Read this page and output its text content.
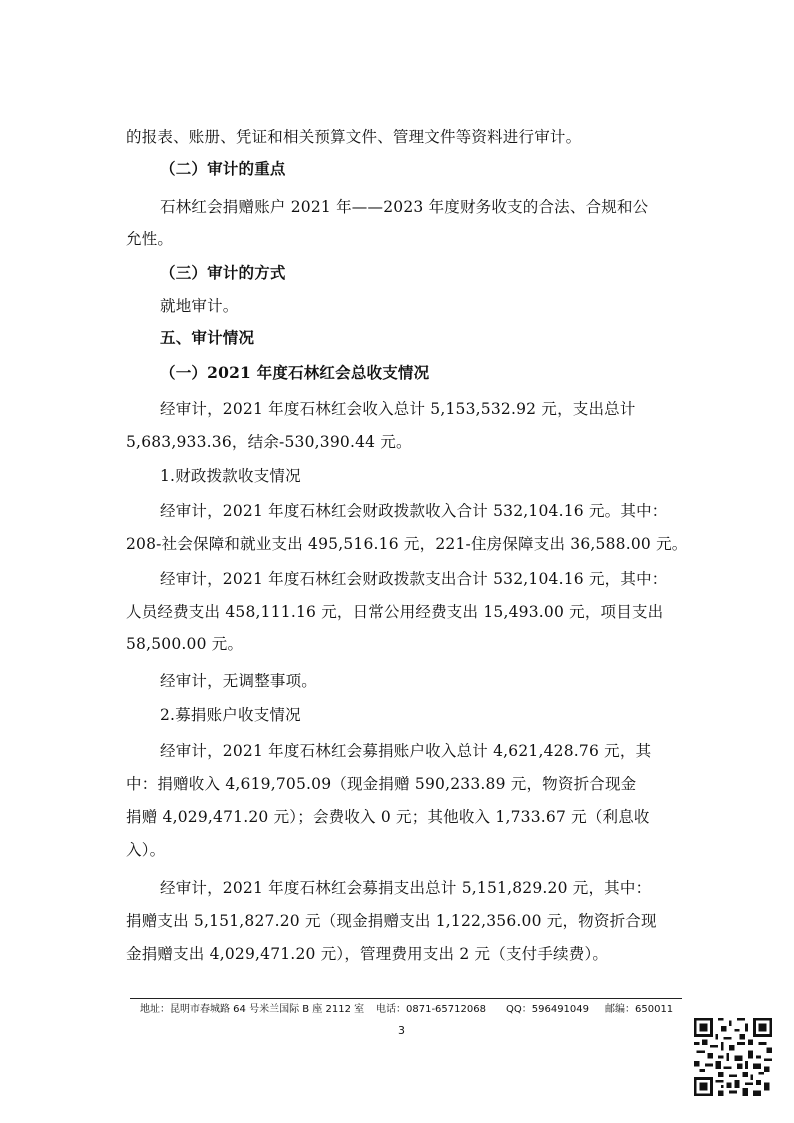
的报表、账册、凭证和相关预算文件、管理文件等资料进行审计。
（二）审计的重点
石林红会捐赠账户 2021 年——2023 年度财务收支的合法、合规和公
允性。
（三）审计的方式
就地审计。
五、审计情况
（一）2021 年度石林红会总收支情况
经审计，2021 年度石林红会收入总计 5,153,532.92 元，支出总计
5,683,933.36，结余-530,390.44 元。
1.财政拨款收支情况
经审计，2021 年度石林红会财政拨款收入合计 532,104.16 元。其中：
208-社会保障和就业支出 495,516.16 元，221-住房保障支出 36,588.00 元。
经审计，2021 年度石林红会财政拨款支出合计 532,104.16 元，其中：
人员经费支出 458,111.16 元，日常公用经费支出 15,493.00 元，项目支出
58,500.00 元。
经审计，无调整事项。
2.募捐账户收支情况
经审计，2021 年度石林红会募捐账户收入总计 4,621,428.76 元，其
中：捐赠收入 4,619,705.09（现金捐赠 590,233.89 元，物资折合现金
捐赠 4,029,471.20 元）；会费收入 0 元；其他收入 1,733.67 元（利息收
入）。
经审计，2021 年度石林红会募捐支出总计 5,151,829.20 元，其中：
捐赠支出 5,151,827.20 元（现金捐赠支出 1,122,356.00 元，物资折合现
金捐赠支出 4,029,471.20 元），管理费用支出 2 元（支付手续费）。
地址：昆明市春城路 64 号米兰国际 B 座 2112 室 电话：0871-65712068 QQ：596491049 邮编：650011
3
